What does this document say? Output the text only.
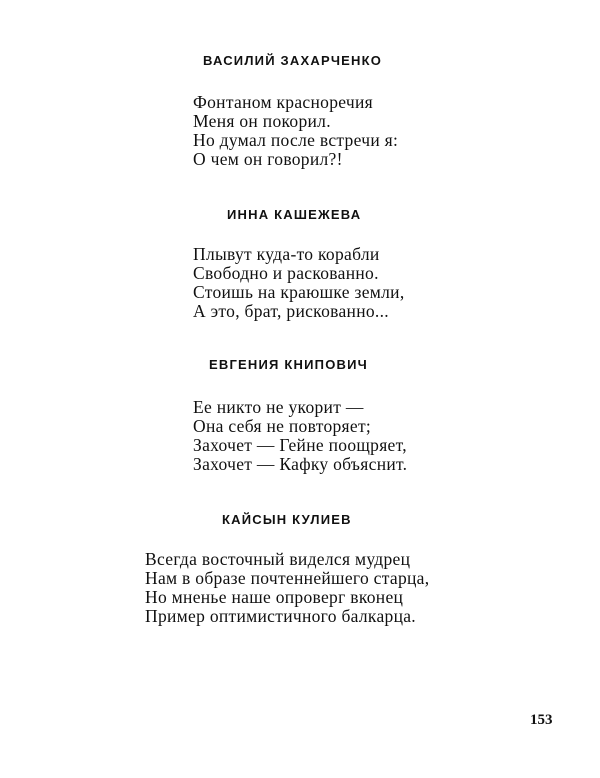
ВАСИЛИЙ ЗАХАРЧЕНКО
Фонтаном красноречия
Меня он покорил.
Но думал после встречи я:
О чем он говорил?!
ИННА КАШЕЖЕВА
Плывут куда-то корабли
Свободно и раскованно.
Стоишь на краюшке земли,
А это, брат, рискованно...
ЕВГЕНИЯ КНИПОВИЧ
Ее никто не укорит —
Она себя не повторяет;
Захочет — Гейне поощряет,
Захочет — Кафку объяснит.
КАЙСЫН КУЛИЕВ
Всегда восточный виделся мудрец
Нам в образе почтеннейшего старца,
Но мненье наше опроверг вконец
Пример оптимистичного балкарца.
153
